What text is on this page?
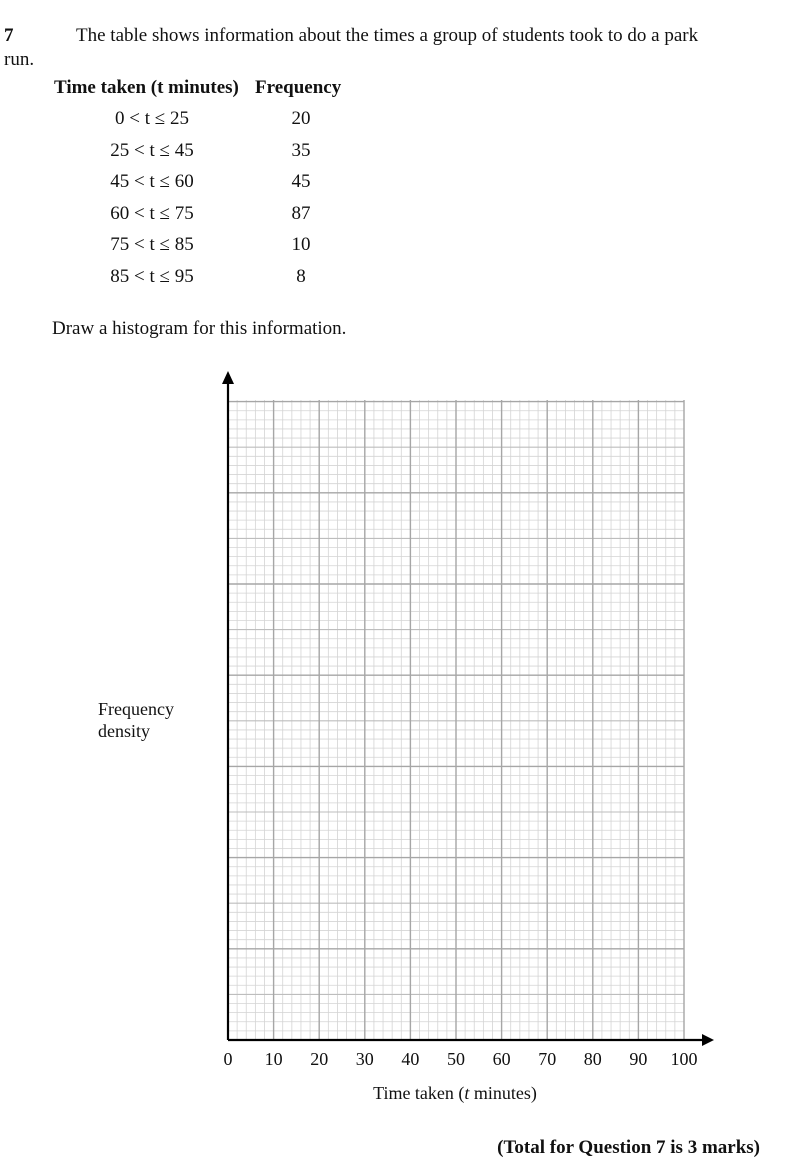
7	The table shows information about the times a group of students took to do a park
run.
Time taken (t minutes) Frequency
0 < t ≤ 25	20
25 < t ≤ 45	35
45 < t ≤ 60	45
60 < t ≤ 75	87
75 < t ≤ 85	10
85 < t ≤ 95	8
Draw a histogram for this information.
0 10 20 30 40 50 60 70 80 90 100
Frequency
density
Time taken (t minutes)
(Total for Question 7 is 3 marks)
